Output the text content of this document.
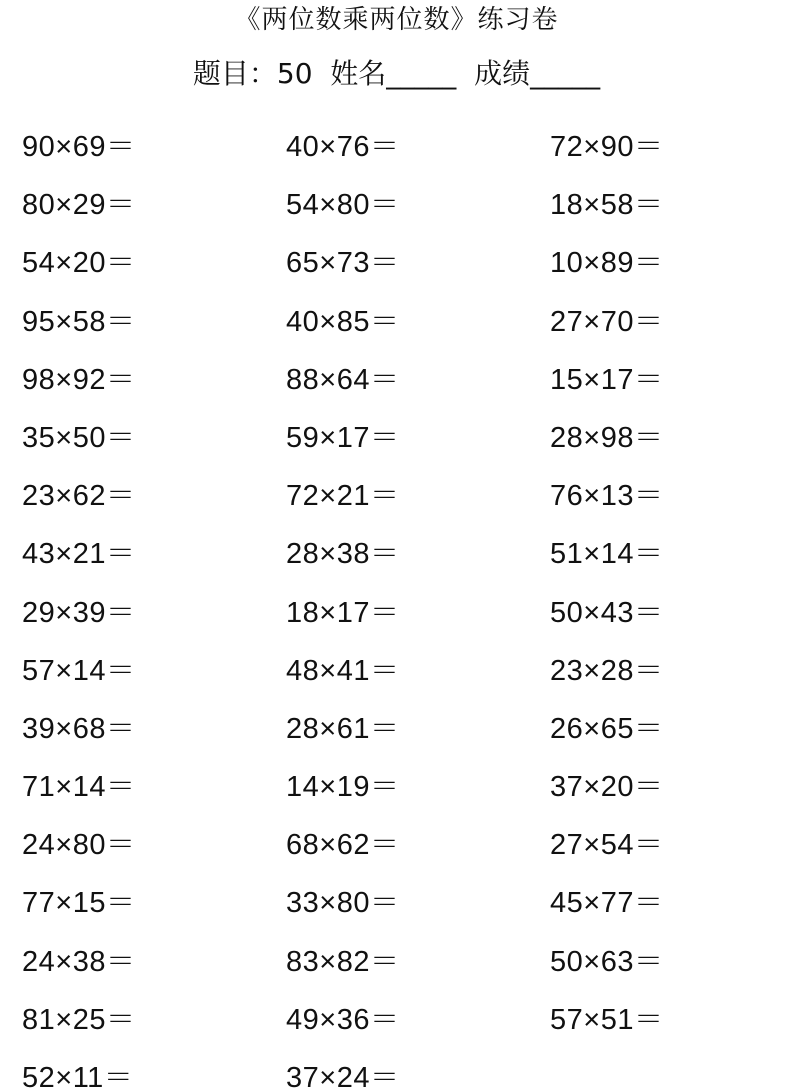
《两位数乘两位数》练习卷
题目：50  姓名_____  成绩_____
90×69＝	40×76＝	72×90＝
80×29＝	54×80＝	18×58＝
54×20＝	65×73＝	10×89＝
95×58＝	40×85＝	27×70＝
98×92＝	88×64＝	15×17＝
35×50＝	59×17＝	28×98＝
23×62＝	72×21＝	76×13＝
43×21＝	28×38＝	51×14＝
29×39＝	18×17＝	50×43＝
57×14＝	48×41＝	23×28＝
39×68＝	28×61＝	26×65＝
71×14＝	14×19＝	37×20＝
24×80＝	68×62＝	27×54＝
77×15＝	33×80＝	45×77＝
24×38＝	83×82＝	50×63＝
81×25＝	49×36＝	57×51＝
52×11＝	37×24＝
